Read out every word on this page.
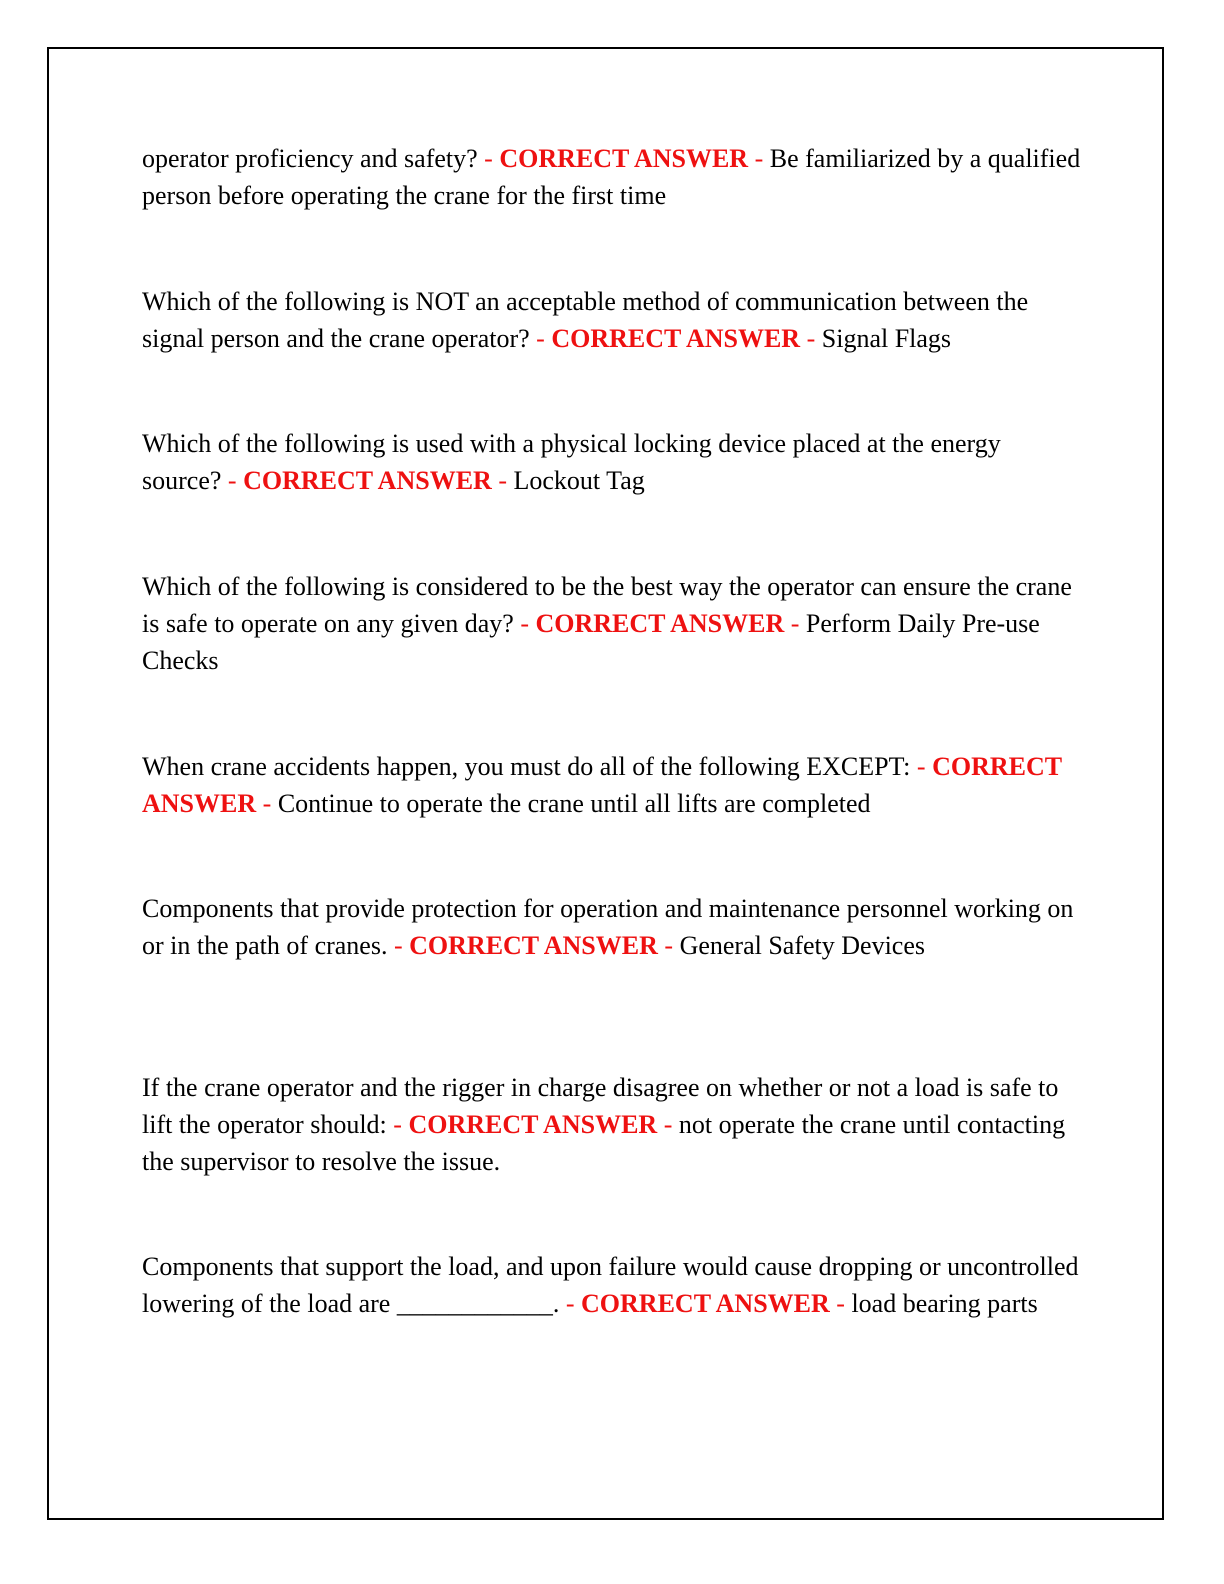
operator proficiency and safety? - CORRECT ANSWER - Be familiarized by a qualified person before operating the crane for the first time

Which of the following is NOT an acceptable method of communication between the signal person and the crane operator? - CORRECT ANSWER - Signal Flags

Which of the following is used with a physical locking device placed at the energy source? - CORRECT ANSWER - Lockout Tag

Which of the following is considered to be the best way the operator can ensure the crane is safe to operate on any given day? - CORRECT ANSWER - Perform Daily Pre-use Checks

When crane accidents happen, you must do all of the following EXCEPT: - CORRECT ANSWER - Continue to operate the crane until all lifts are completed

Components that provide protection for operation and maintenance personnel working on or in the path of cranes. - CORRECT ANSWER - General Safety Devices

If the crane operator and the rigger in charge disagree on whether or not a load is safe to lift the operator should: - CORRECT ANSWER - not operate the crane until contacting the supervisor to resolve the issue.

Components that support the load, and upon failure would cause dropping or uncontrolled lowering of the load are ____________. - CORRECT ANSWER - load bearing parts
